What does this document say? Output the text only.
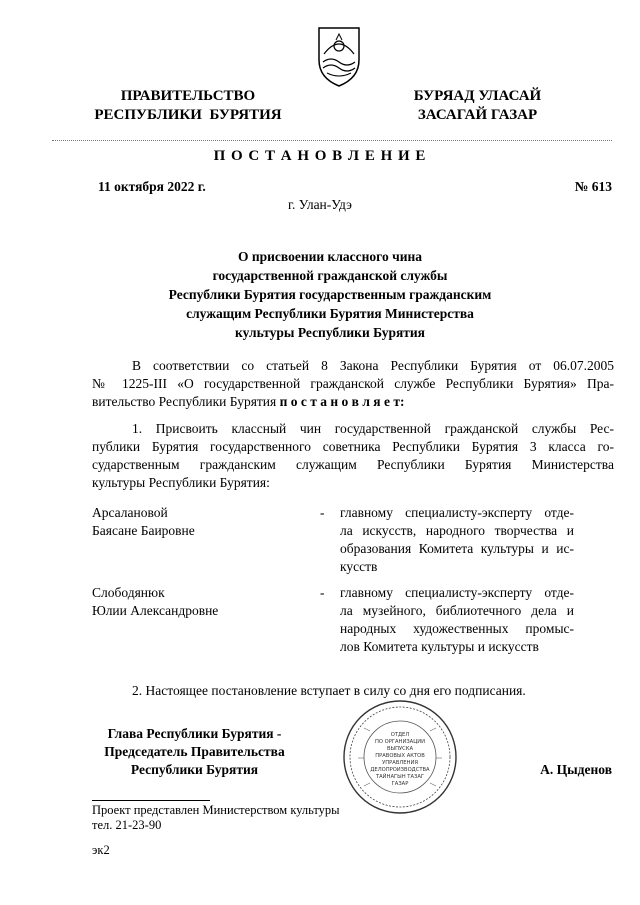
ПРАВИТЕЛЬСТВО
РЕСПУБЛИКИ  БУРЯТИЯ
БУРЯАД УЛАСАЙ
ЗАСАГАЙ ГАЗАР
П О С Т А Н О В Л Е Н И Е
11 октября 2022 г.	№ 613
г. Улан-Удэ
О присвоении классного чина
государственной гражданской службы
Республики Бурятия государственным гражданским
служащим Республики Бурятия Министерства
культуры Республики Бурятия
В соответствии со статьей 8 Закона Республики Бурятия от 06.07.2005
№ 1225-III «О государственной гражданской службе Республики Бурятия» Пра-
вительство Республики Бурятия п о с т а н о в л я е т:
1. Присвоить классный чин государственной гражданской службы Рес-
публики Бурятия государственного советника Республики Бурятия 3 класса го-
сударственным гражданским служащим Республики Бурятия Министерства
культуры Республики Бурятия:
Арсалановой
Баясане Баировне
- главному специалисту-эксперту отде-
ла искусств, народного творчества и
образования Комитета культуры и ис-
кусств
Слободянюк
Юлии Александровне
- главному специалисту-эксперту отде-
ла музейного, библиотечного дела и
народных художественных промыс-
лов Комитета культуры и искусств
2. Настоящее постановление вступает в силу со дня его подписания.
Глава Республики Бурятия -
Председатель Правительства
Республики Бурятия
ОТДЕЛ
ПО ОРГАНИЗАЦИИ
ВЫПУСКА
ПРАВОВЫХ АКТОВ
УПРАВЛЕНИЯ
ДЕЛОПРОИЗВОДСТВА
ТАЙНАГЫН ТАЗАГ
ГАЗАР
А. Цыденов
Проект представлен Министерством культуры
тел. 21-23-90
эк2
